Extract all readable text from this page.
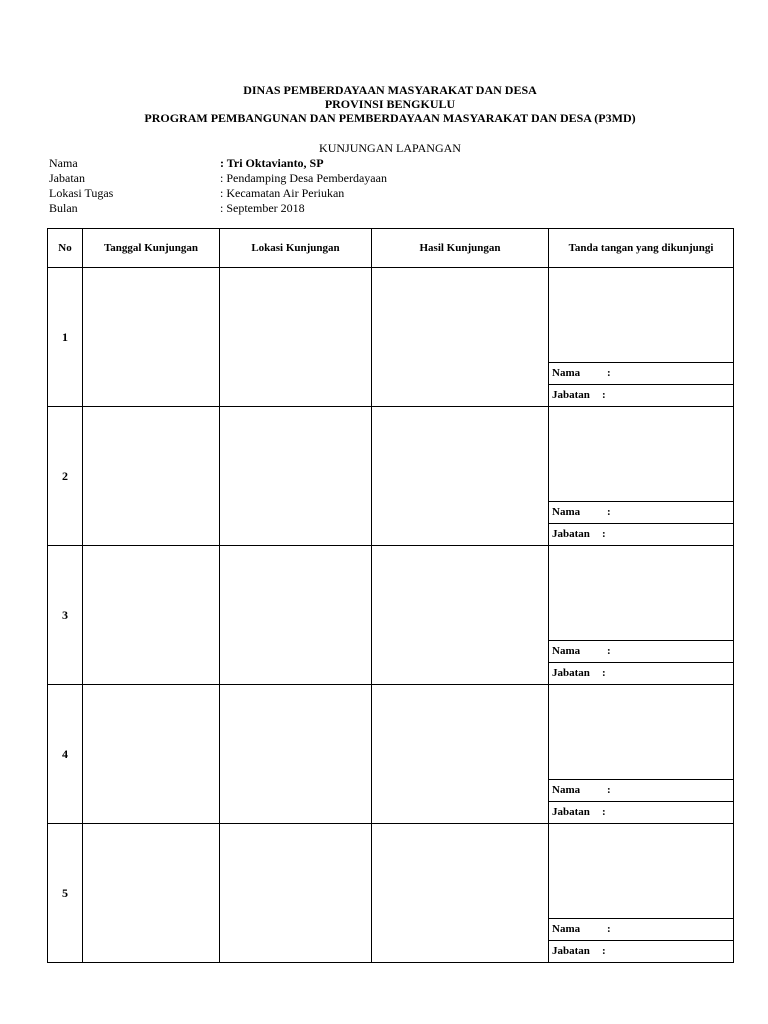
DINAS PEMBERDAYAAN MASYARAKAT DAN DESA
PROVINSI BENGKULU
PROGRAM PEMBANGUNAN DAN PEMBERDAYAAN MASYARAKAT DAN DESA (P3MD)
KUNJUNGAN LAPANGAN
Nama	: Tri Oktavianto, SP
Jabatan	: Pendamping Desa Pemberdayaan
Lokasi Tugas	: Kecamatan Air Periukan
Bulan	: September 2018
No	Tanggal Kunjungan	Lokasi Kunjungan	Hasil Kunjungan	Tanda tangan yang dikunjungi
1				Nama :
Jabatan :

2				Nama :
Jabatan :

3				Nama :
Jabatan :

4				Nama :
Jabatan :

5				Nama :
Jabatan :
